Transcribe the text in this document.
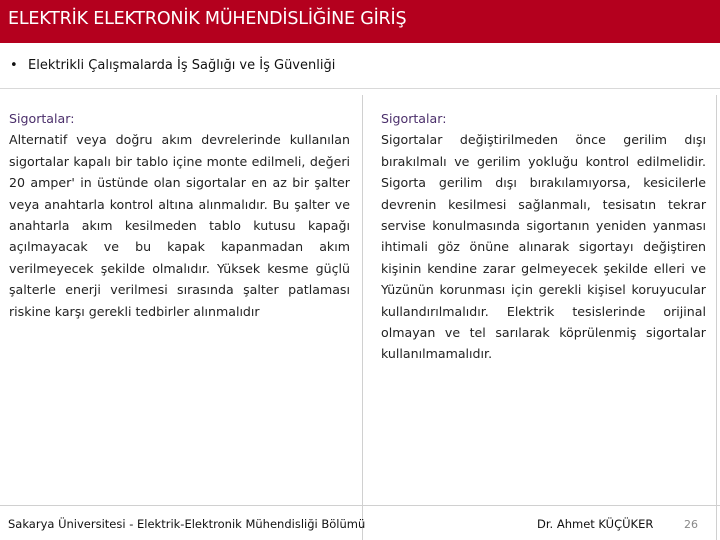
ELEKTRİK ELEKTRONİK MÜHENDİSLİĞİNE GİRİŞ
• Elektrikli Çalışmalarda İş Sağlığı ve İş Güvenliği
Sigortalar:
Alternatif veya doğru akım devrelerinde kullanılan sigortalar kapalı bir tablo içine monte edilmeli, değeri 20 amper' in üstünde olan sigortalar en az bir şalter veya anahtarla kontrol altına alınmalıdır. Bu şalter ve anahtarla akım kesilmeden tablo kutusu kapağı açılmayacak ve bu kapak kapanmadan akım verilmeyecek şekilde olmalıdır. Yüksek kesme güçlü şalterle enerji verilmesi sırasında şalter patlaması riskine karşı gerekli tedbirler alınmalıdır
Sigortalar:
Sigortalar değiştirilmeden önce gerilim dışı bırakılmalı ve gerilim yokluğu kontrol edilmelidir. Sigorta gerilim dışı bırakılamıyorsa, kesicilerle devrenin kesilmesi sağlanmalı, tesisatın tekrar servise konulmasında sigortanın yeniden yanması ihtimali göz önüne alınarak sigortayı değiştiren kişinin kendine zarar gelmeyecek şekilde elleri ve Yüzünün korunması için gerekli kişisel koruyucular kullandırılmalıdır. Elektrik tesislerinde orijinal olmayan ve tel sarılarak köprülenmiş sigortalar kullanılmamalıdır.
Sakarya Üniversitesi - Elektrik-Elektronik Mühendisliği Bölümü	Dr. Ahmet KÜÇÜKER	26
